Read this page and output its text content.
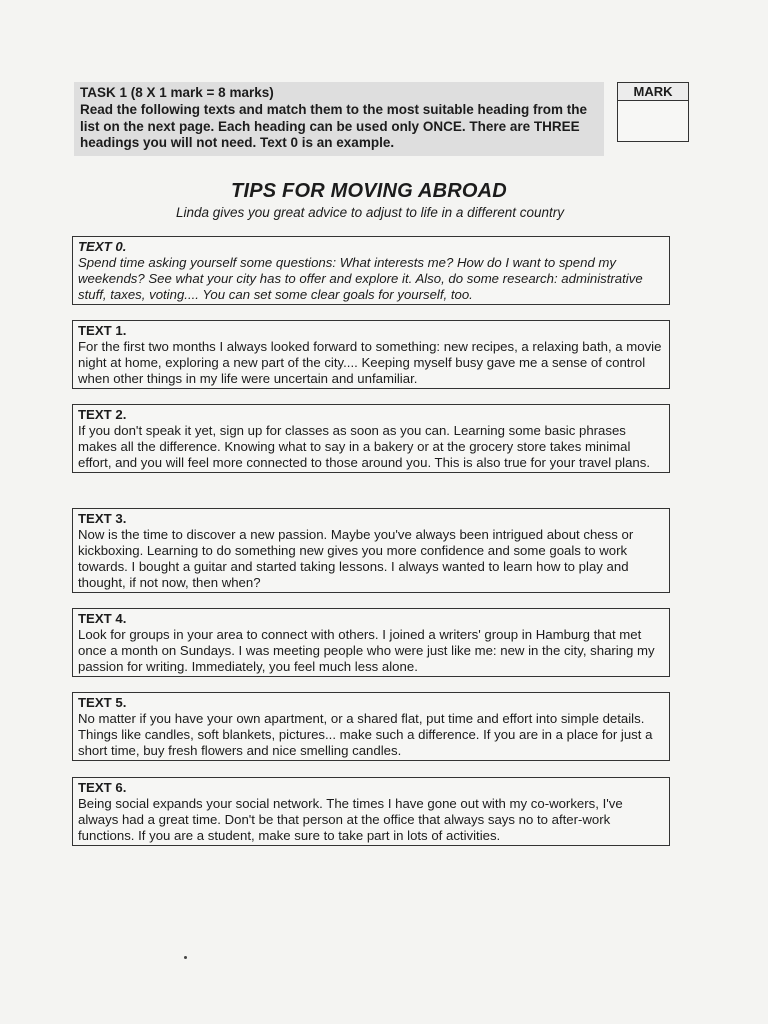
TASK 1 (8 X 1 mark = 8 marks)

Read the following texts and match them to the most suitable heading from the list on the next page. Each heading can be used only ONCE. There are THREE headings you will not need. Text 0 is an example.

MARK
TIPS FOR MOVING ABROAD

Linda gives you great advice to adjust to life in a different country

TEXT 0.

Spend time asking yourself some questions: What interests me? How do I want to spend my weekends? See what your city has to offer and explore it. Also, do some research: administrative stuff, taxes, voting.... You can set some clear goals for yourself, too.

TEXT 1.

For the first two months I always looked forward to something: new recipes, a relaxing bath, a movie night at home, exploring a new part of the city.... Keeping myself busy gave me a sense of control when other things in my life were uncertain and unfamiliar.

TEXT 2.

If you don't speak it yet, sign up for classes as soon as you can. Learning some basic phrases makes all the difference. Knowing what to say in a bakery or at the grocery store takes minimal effort, and you will feel more connected to those around you. This is also true for your travel plans.

TEXT 3.

Now is the time to discover a new passion. Maybe you've always been intrigued about chess or kickboxing. Learning to do something new gives you more confidence and some goals to work towards. I bought a guitar and started taking lessons. I always wanted to learn how to play and thought, if not now, then when?

TEXT 4.

Look for groups in your area to connect with others. I joined a writers' group in Hamburg that met once a month on Sundays. I was meeting people who were just like me: new in the city, sharing my passion for writing. Immediately, you feel much less alone.

TEXT 5.

No matter if you have your own apartment, or a shared flat, put time and effort into simple details. Things like candles, soft blankets, pictures... make such a difference. If you are in a place for just a short time, buy fresh flowers and nice smelling candles.

TEXT 6.

Being social expands your social network. The times I have gone out with my co-workers, I've always had a great time. Don't be that person at the office that always says no to after-work functions. If you are a student, make sure to take part in lots of activities.
